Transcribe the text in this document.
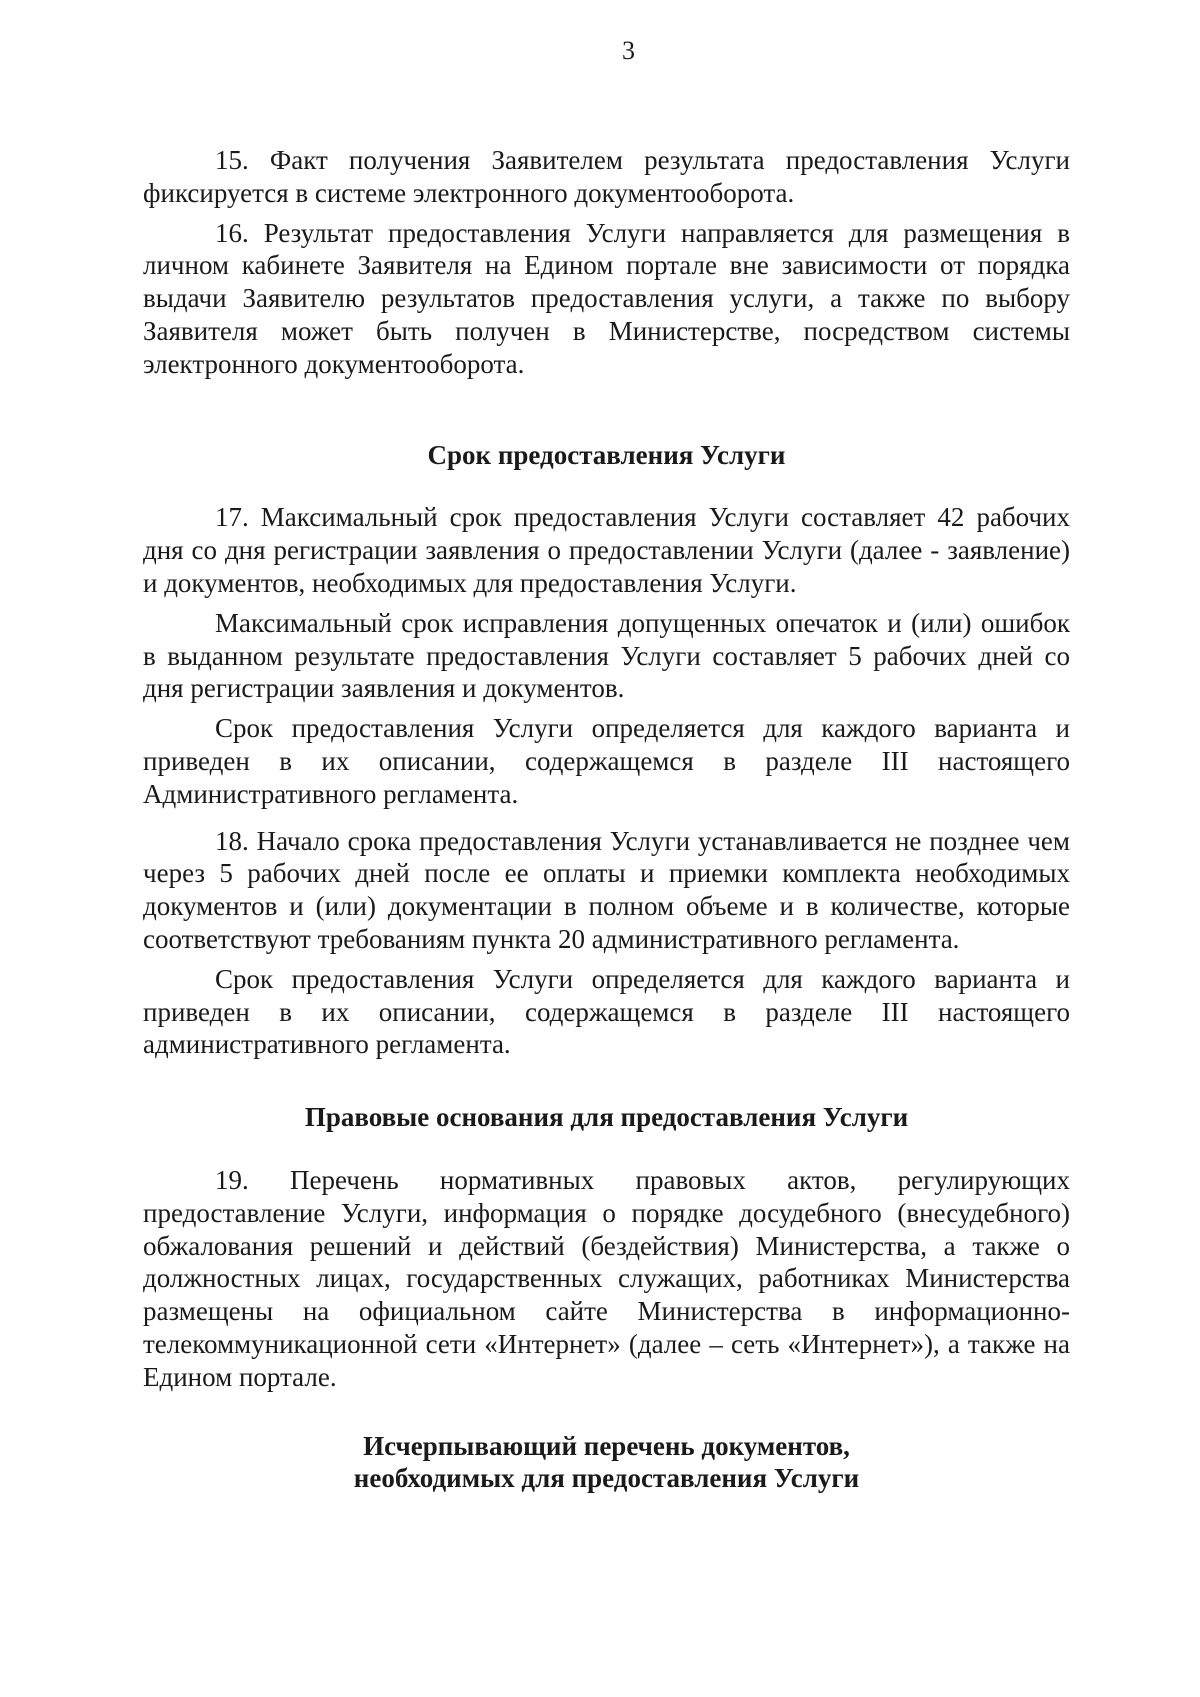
3

15. Факт получения Заявителем результата предоставления Услуги фиксируется в системе электронного документооборота.

16. Результат предоставления Услуги направляется для размещения в личном кабинете Заявителя на Едином портале вне зависимости от порядка выдачи Заявителю результатов предоставления услуги, а также по выбору Заявителя может быть получен в Министерстве, посредством системы электронного документооборота.

Срок предоставления Услуги

17. Максимальный срок предоставления Услуги составляет 42 рабочих дня со дня регистрации заявления о предоставлении Услуги (далее - заявление) и документов, необходимых для предоставления Услуги.

Максимальный срок исправления допущенных опечаток и (или) ошибок в выданном результате предоставления Услуги составляет 5 рабочих дней со дня регистрации заявления и документов.

Срок предоставления Услуги определяется для каждого варианта и приведен в их описании, содержащемся в разделе III настоящего Административного регламента.

18. Начало срока предоставления Услуги устанавливается не позднее чем через 5 рабочих дней после ее оплаты и приемки комплекта необходимых документов и (или) документации в полном объеме и в количестве, которые соответствуют требованиям пункта 20 административного регламента.

Срок предоставления Услуги определяется для каждого варианта и приведен в их описании, содержащемся в разделе III настоящего административного регламента.

Правовые основания для предоставления Услуги

19. Перечень нормативных правовых актов, регулирующих предоставление Услуги, информация о порядке досудебного (внесудебного) обжалования решений и действий (бездействия) Министерства, а также о должностных лицах, государственных служащих, работниках Министерства размещены на официальном сайте Министерства в информационно-телекоммуникационной сети «Интернет» (далее – сеть «Интернет»), а также на Едином портале.

Исчерпывающий перечень документов,
необходимых для предоставления Услуги
